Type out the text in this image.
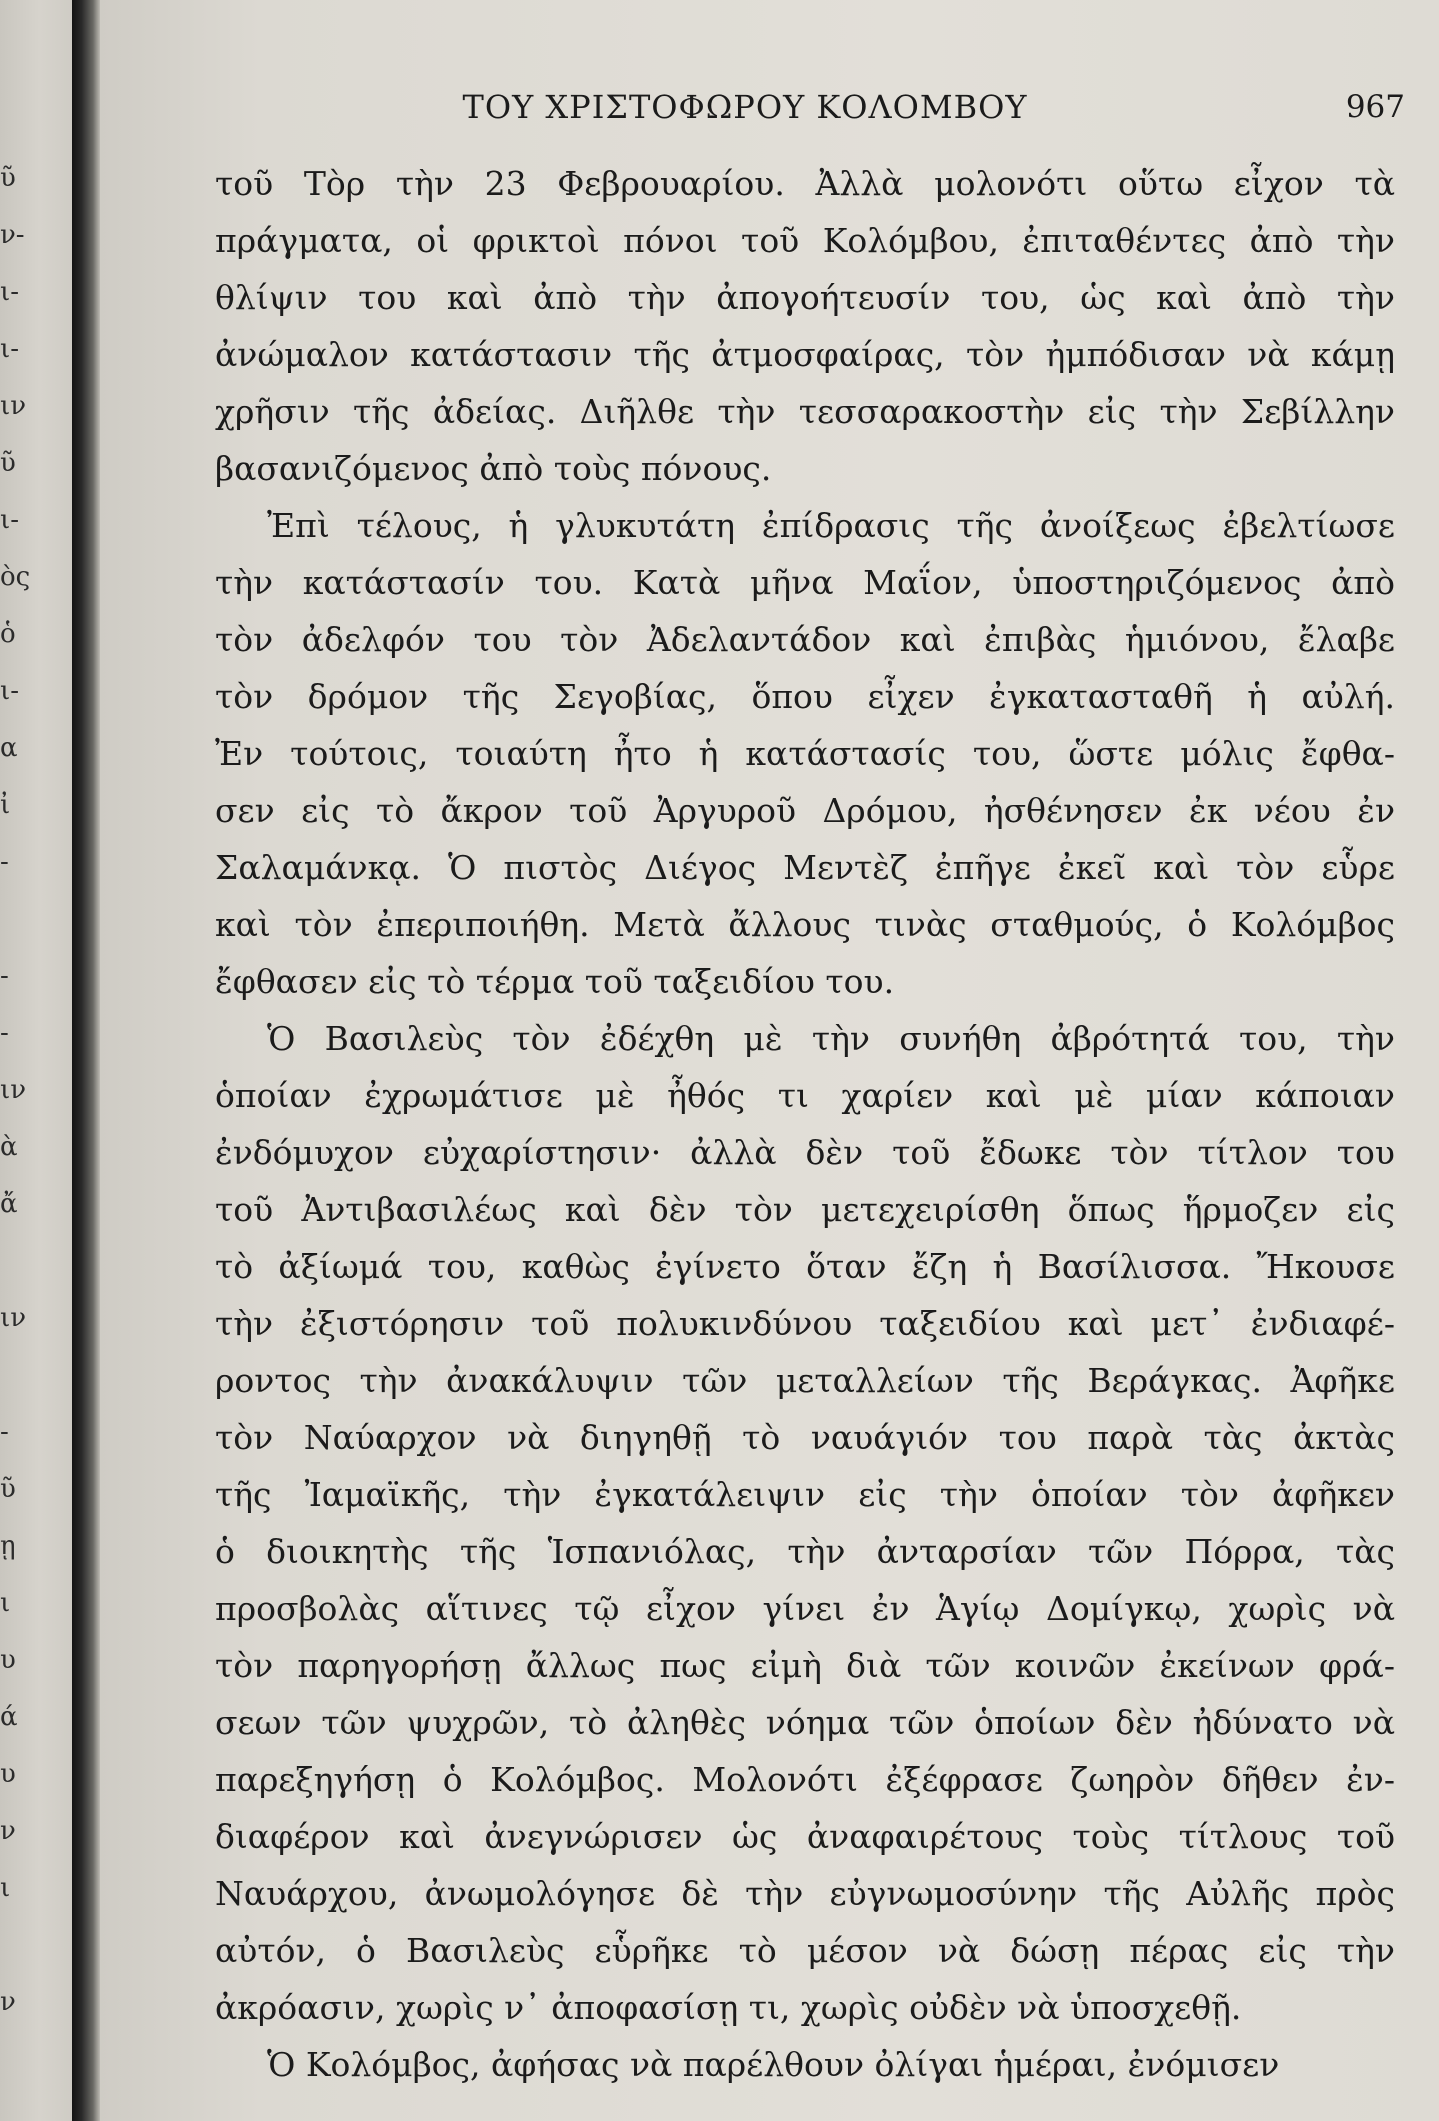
ῦ
ν-
ι-
ι-
ιν
ῦ
ι-
ὸς
ὁ
ι-
α
ἰ
-
-
-
ιν
ὰ
ἄ
ιν
-
ῦ
ῃ
ι
υ
ά
υ
ν
ι
ν
ΤΟΥ ΧΡΙΣΤΟΦΩΡΟΥ ΚΟΛΟΜΒΟΥ	967
τοῦ Τὸρ τὴν 23 Φεβρουαρίου. Ἀλλὰ μολονότι οὕτω εἶχον τὰ
πράγματα, οἱ φρικτοὶ πόνοι τοῦ Κολόμβου, ἐπιταθέντες ἀπὸ τὴν
θλίψιν του καὶ ἀπὸ τὴν ἀπογοήτευσίν του, ὡς καὶ ἀπὸ τὴν
ἀνώμαλον κατάστασιν τῆς ἀτμοσφαίρας, τὸν ἠμπόδισαν νὰ κάμῃ
χρῆσιν τῆς ἀδείας. Διῆλθε τὴν τεσσαρακοστὴν εἰς τὴν Σεβίλλην
βασανιζόμενος ἀπὸ τοὺς πόνους.
Ἐπὶ τέλους, ἡ γλυκυτάτη ἐπίδρασις τῆς ἀνοίξεως ἐβελτίωσε
τὴν κατάστασίν του. Κατὰ μῆνα Μαΐον, ὑποστηριζόμενος ἀπὸ
τὸν ἀδελφόν του τὸν Ἀδελαντάδον καὶ ἐπιβὰς ἡμιόνου, ἔλαβε
τὸν δρόμον τῆς Σεγοβίας, ὅπου εἶχεν ἐγκατασταθῆ ἡ αὐλή.
Ἐν τούτοις, τοιαύτη ἦτο ἡ κατάστασίς του, ὥστε μόλις ἔφθα-
σεν εἰς τὸ ἄκρον τοῦ Ἀργυροῦ Δρόμου, ἠσθένησεν ἐκ νέου ἐν
Σαλαμάνκᾳ. Ὁ πιστὸς Διέγος Μεντὲζ ἐπῆγε ἐκεῖ καὶ τὸν εὗρε
καὶ τὸν ἐπεριποιήθη. Μετὰ ἄλλους τινὰς σταθμούς, ὁ Κολόμβος
ἔφθασεν εἰς τὸ τέρμα τοῦ ταξειδίου του.
Ὁ Βασιλεὺς τὸν ἐδέχθη μὲ τὴν συνήθη ἀβρότητά του, τὴν
ὁποίαν ἐχρωμάτισε μὲ ἦθός τι χαρίεν καὶ μὲ μίαν κάποιαν
ἐνδόμυχον εὐχαρίστησιν· ἀλλὰ δὲν τοῦ ἔδωκε τὸν τίτλον του
τοῦ Ἀντιβασιλέως καὶ δὲν τὸν μετεχειρίσθη ὅπως ἥρμοζεν εἰς
τὸ ἀξίωμά του, καθὼς ἐγίνετο ὅταν ἔζη ἡ Βασίλισσα. Ἤκουσε
τὴν ἐξιστόρησιν τοῦ πολυκινδύνου ταξειδίου καὶ μετ᾽ ἐνδιαφέ-
ροντος τὴν ἀνακάλυψιν τῶν μεταλλείων τῆς Βεράγκας. Ἀφῆκε
τὸν Ναύαρχον νὰ διηγηθῇ τὸ ναυάγιόν του παρὰ τὰς ἀκτὰς
τῆς Ἰαμαϊκῆς, τὴν ἐγκατάλειψιν εἰς τὴν ὁποίαν τὸν ἀφῆκεν
ὁ διοικητὴς τῆς Ἱσπανιόλας, τὴν ἀνταρσίαν τῶν Πόρρα, τὰς
προσβολὰς αἵτινες τῷ εἶχον γίνει ἐν Ἁγίῳ Δομίγκῳ, χωρὶς νὰ
τὸν παρηγορήσῃ ἄλλως πως εἰμὴ διὰ τῶν κοινῶν ἐκείνων φρά-
σεων τῶν ψυχρῶν, τὸ ἀληθὲς νόημα τῶν ὁποίων δὲν ἠδύνατο νὰ
παρεξηγήσῃ ὁ Κολόμβος. Μολονότι ἐξέφρασε ζωηρὸν δῆθεν ἐν-
διαφέρον καὶ ἀνεγνώρισεν ὡς ἀναφαιρέτους τοὺς τίτλους τοῦ
Ναυάρχου, ἀνωμολόγησε δὲ τὴν εὐγνωμοσύνην τῆς Αὐλῆς πρὸς
αὐτόν, ὁ Βασιλεὺς εὗρῆκε τὸ μέσον νὰ δώσῃ πέρας εἰς τὴν
ἀκρόασιν, χωρὶς ν᾽ ἀποφασίσῃ τι, χωρὶς οὐδὲν νὰ ὑποσχεθῇ.
Ὁ Κολόμβος, ἀφήσας νὰ παρέλθουν ὀλίγαι ἡμέραι, ἐνόμισεν
